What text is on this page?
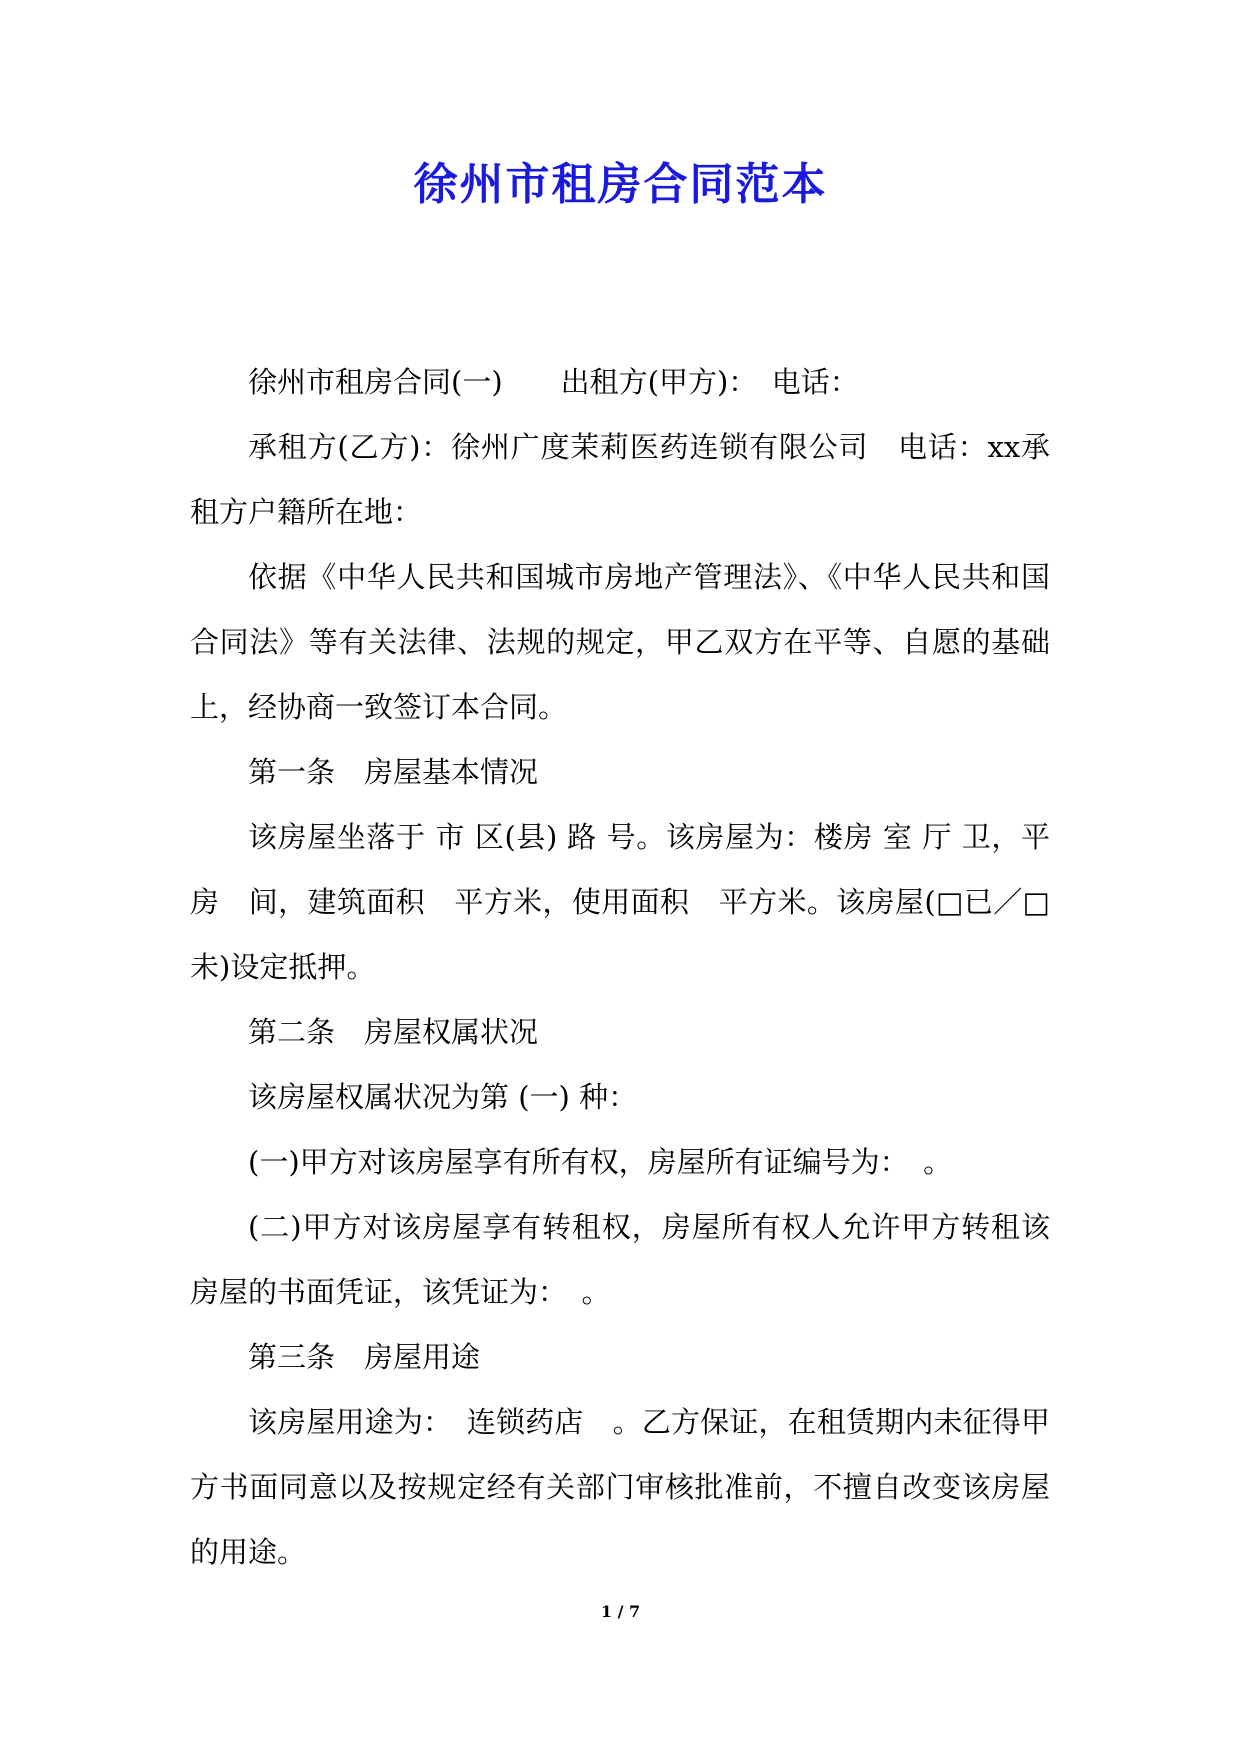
徐州市租房合同范本

徐州市租房合同(一)　　出租方(甲方)：　电话：

承租方(乙方)：徐州广度茉莉医药连锁有限公司　电话：xx承租方户籍所在地：

依据《中华人民共和国城市房地产管理法》、《中华人民共和国合同法》等有关法律、法规的规定，甲乙双方在平等、自愿的基础上，经协商一致签订本合同。

第一条　房屋基本情况

该房屋坐落于 市 区(县) 路 号。该房屋为：楼房 室 厅 卫，平房　间，建筑面积　平方米，使用面积　平方米。该房屋(□已／□未)设定抵押。

第二条　房屋权属状况

该房屋权属状况为第 (一) 种：

(一)甲方对该房屋享有所有权，房屋所有证编号为：　。

(二)甲方对该房屋享有转租权，房屋所有权人允许甲方转租该房屋的书面凭证，该凭证为：　。

第三条　房屋用途

该房屋用途为：　连锁药店　。乙方保证，在租赁期内未征得甲方书面同意以及按规定经有关部门审核批准前，不擅自改变该房屋的用途。

1 / 7
